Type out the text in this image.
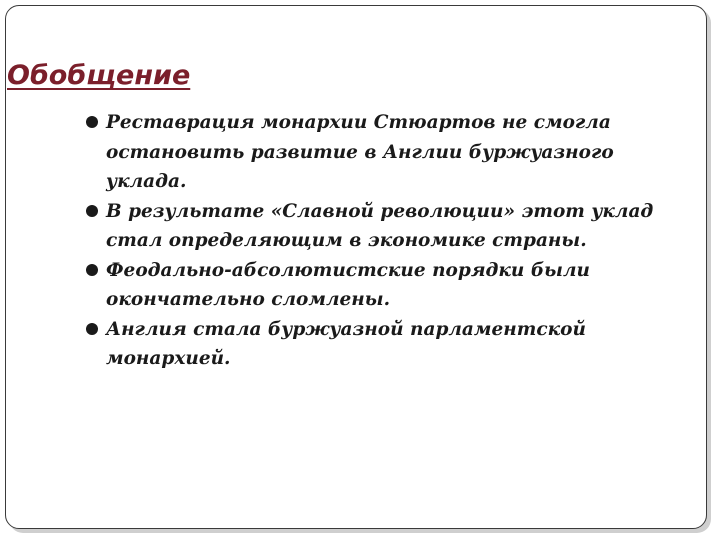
Обобщение
Реставрация монархии Стюартов не смогла остановить развитие в Англии буржуазного уклада.
В результате «Славной революции» этот уклад стал определяющим в экономике страны.
Феодально-абсолютистские порядки были окончательно сломлены.
Англия стала буржуазной парламентской монархией.
